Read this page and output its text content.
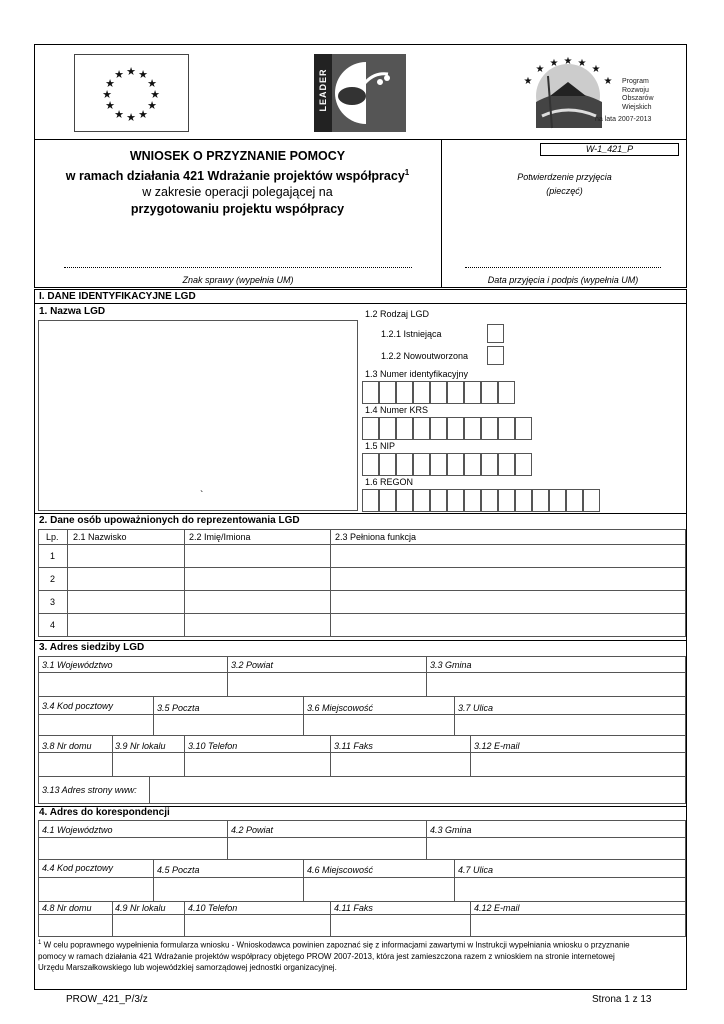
★ ★
★
★
★
★
★
★
★
★
★
★	LEADER	★
★ ★ ★
★
★
★	Program
Rozwoju
Obszarów
Wiejskich
na lata 2007-2013
W-1_421_P
WNIOSEK O PRZYZNANIE POMOCY
w ramach działania 421 Wdrażanie projektów współpracy$^1$
w zakresie operacji polegającej na
przygotowaniu projektu współpracy
Potwierdzenie przyjęcia
(pieczęć)
Znak sprawy (wypełnia UM)	Data przyjęcia i podpis (wypełnia UM)
I. DANE IDENTYFIKACYJNE LGD
1. Nazwa LGD
`
1.2 Rodzaj LGD
1.2.1 Istniejąca
1.2.2 Nowoutworzona
1.3 Numer identyfikacyjny
1.4 Numer KRS
1.5 NIP
1.6 REGON
2. Dane osób upoważnionych do reprezentowania LGD
Lp. 2.1 Nazwisko	2.2 Imię/Imiona	2.3 Pełniona funkcja
1
2
3
4
3. Adres siedziby LGD
3.1 Województwo	3.2 Powiat	3.3 Gmina
3.4 Kod pocztowy	3.5 Poczta	3.6 Miejscowość	3.7 Ulica
3.8 Nr domu	3.9 Nr lokalu 3.10 Telefon	3.11 Faks	3.12 E-mail
3.13 Adres strony www:
4. Adres do korespondencji
4.1 Województwo	4.2 Powiat	4.3 Gmina
4.4 Kod pocztowy	4.5 Poczta	4.6 Miejscowość	4.7 Ulica
4.8 Nr domu	4.9 Nr lokalu 4.10 Telefon	4.11 Faks	4.12 E-mail
$^1$ W celu poprawnego wypełnienia formularza wniosku - Wnioskodawca powinien zapoznać się z informacjami zawartymi w Instrukcji wypełniania wniosku o przyznanie
pomocy w ramach działania 421 Wdrażanie projektów współpracy objętego PROW 2007-2013, która jest zamieszczona razem z wnioskiem na stronie internetowej
Urzędu Marszałkowskiego lub wojewódzkiej samorządowej jednostki organizacyjnej.
PROW_421_P/3/z	Strona 1 z 13
